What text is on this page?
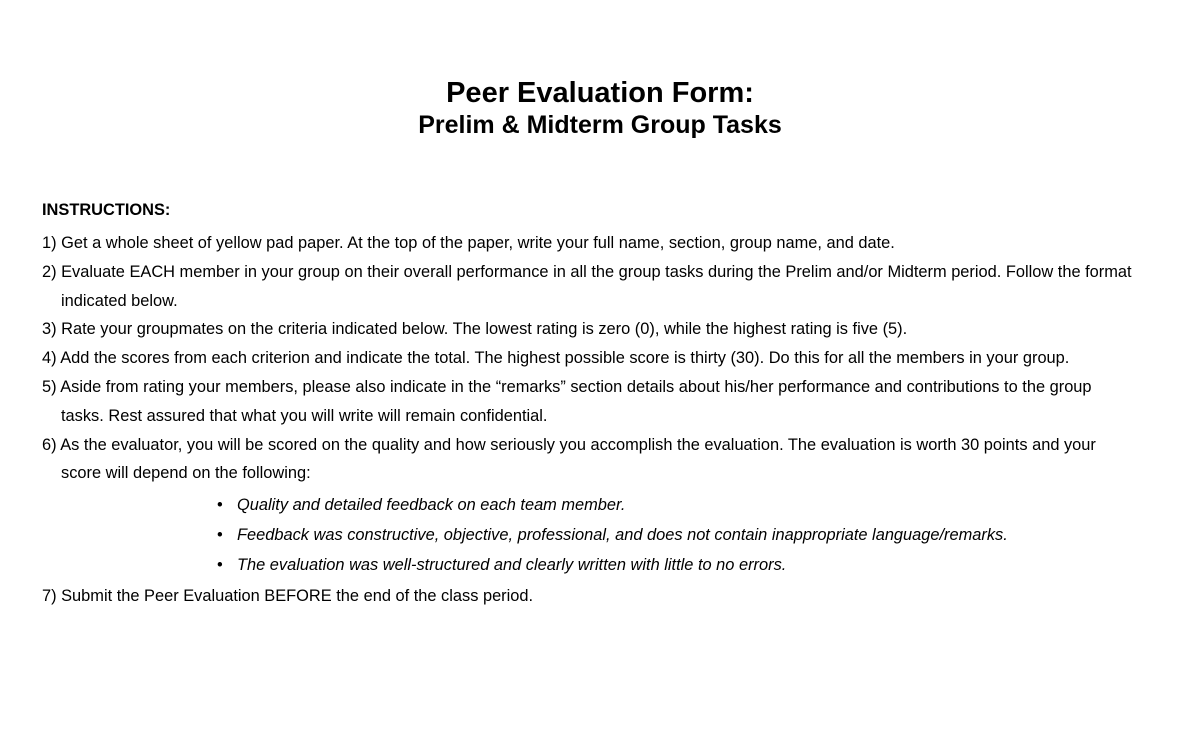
Peer Evaluation Form:
Prelim & Midterm Group Tasks
INSTRUCTIONS:

1) Get a whole sheet of yellow pad paper. At the top of the paper, write your full name, section, group name, and date.

2) Evaluate EACH member in your group on their overall performance in all the group tasks during the Prelim and/or Midterm period. Follow the format

indicated below.

3) Rate your groupmates on the criteria indicated below. The lowest rating is zero (0), while the highest rating is five (5).

4) Add the scores from each criterion and indicate the total. The highest possible score is thirty (30). Do this for all the members in your group.

5) Aside from rating your members, please also indicate in the “remarks” section details about his/her performance and contributions to the group

tasks. Rest assured that what you will write will remain confidential.

6) As the evaluator, you will be scored on the quality and how seriously you accomplish the evaluation. The evaluation is worth 30 points and your

score will depend on the following:

• Quality and detailed feedback on each team member.
• Feedback was constructive, objective, professional, and does not contain inappropriate language/remarks.
• The evaluation was well-structured and clearly written with little to no errors.

7) Submit the Peer Evaluation BEFORE the end of the class period.
